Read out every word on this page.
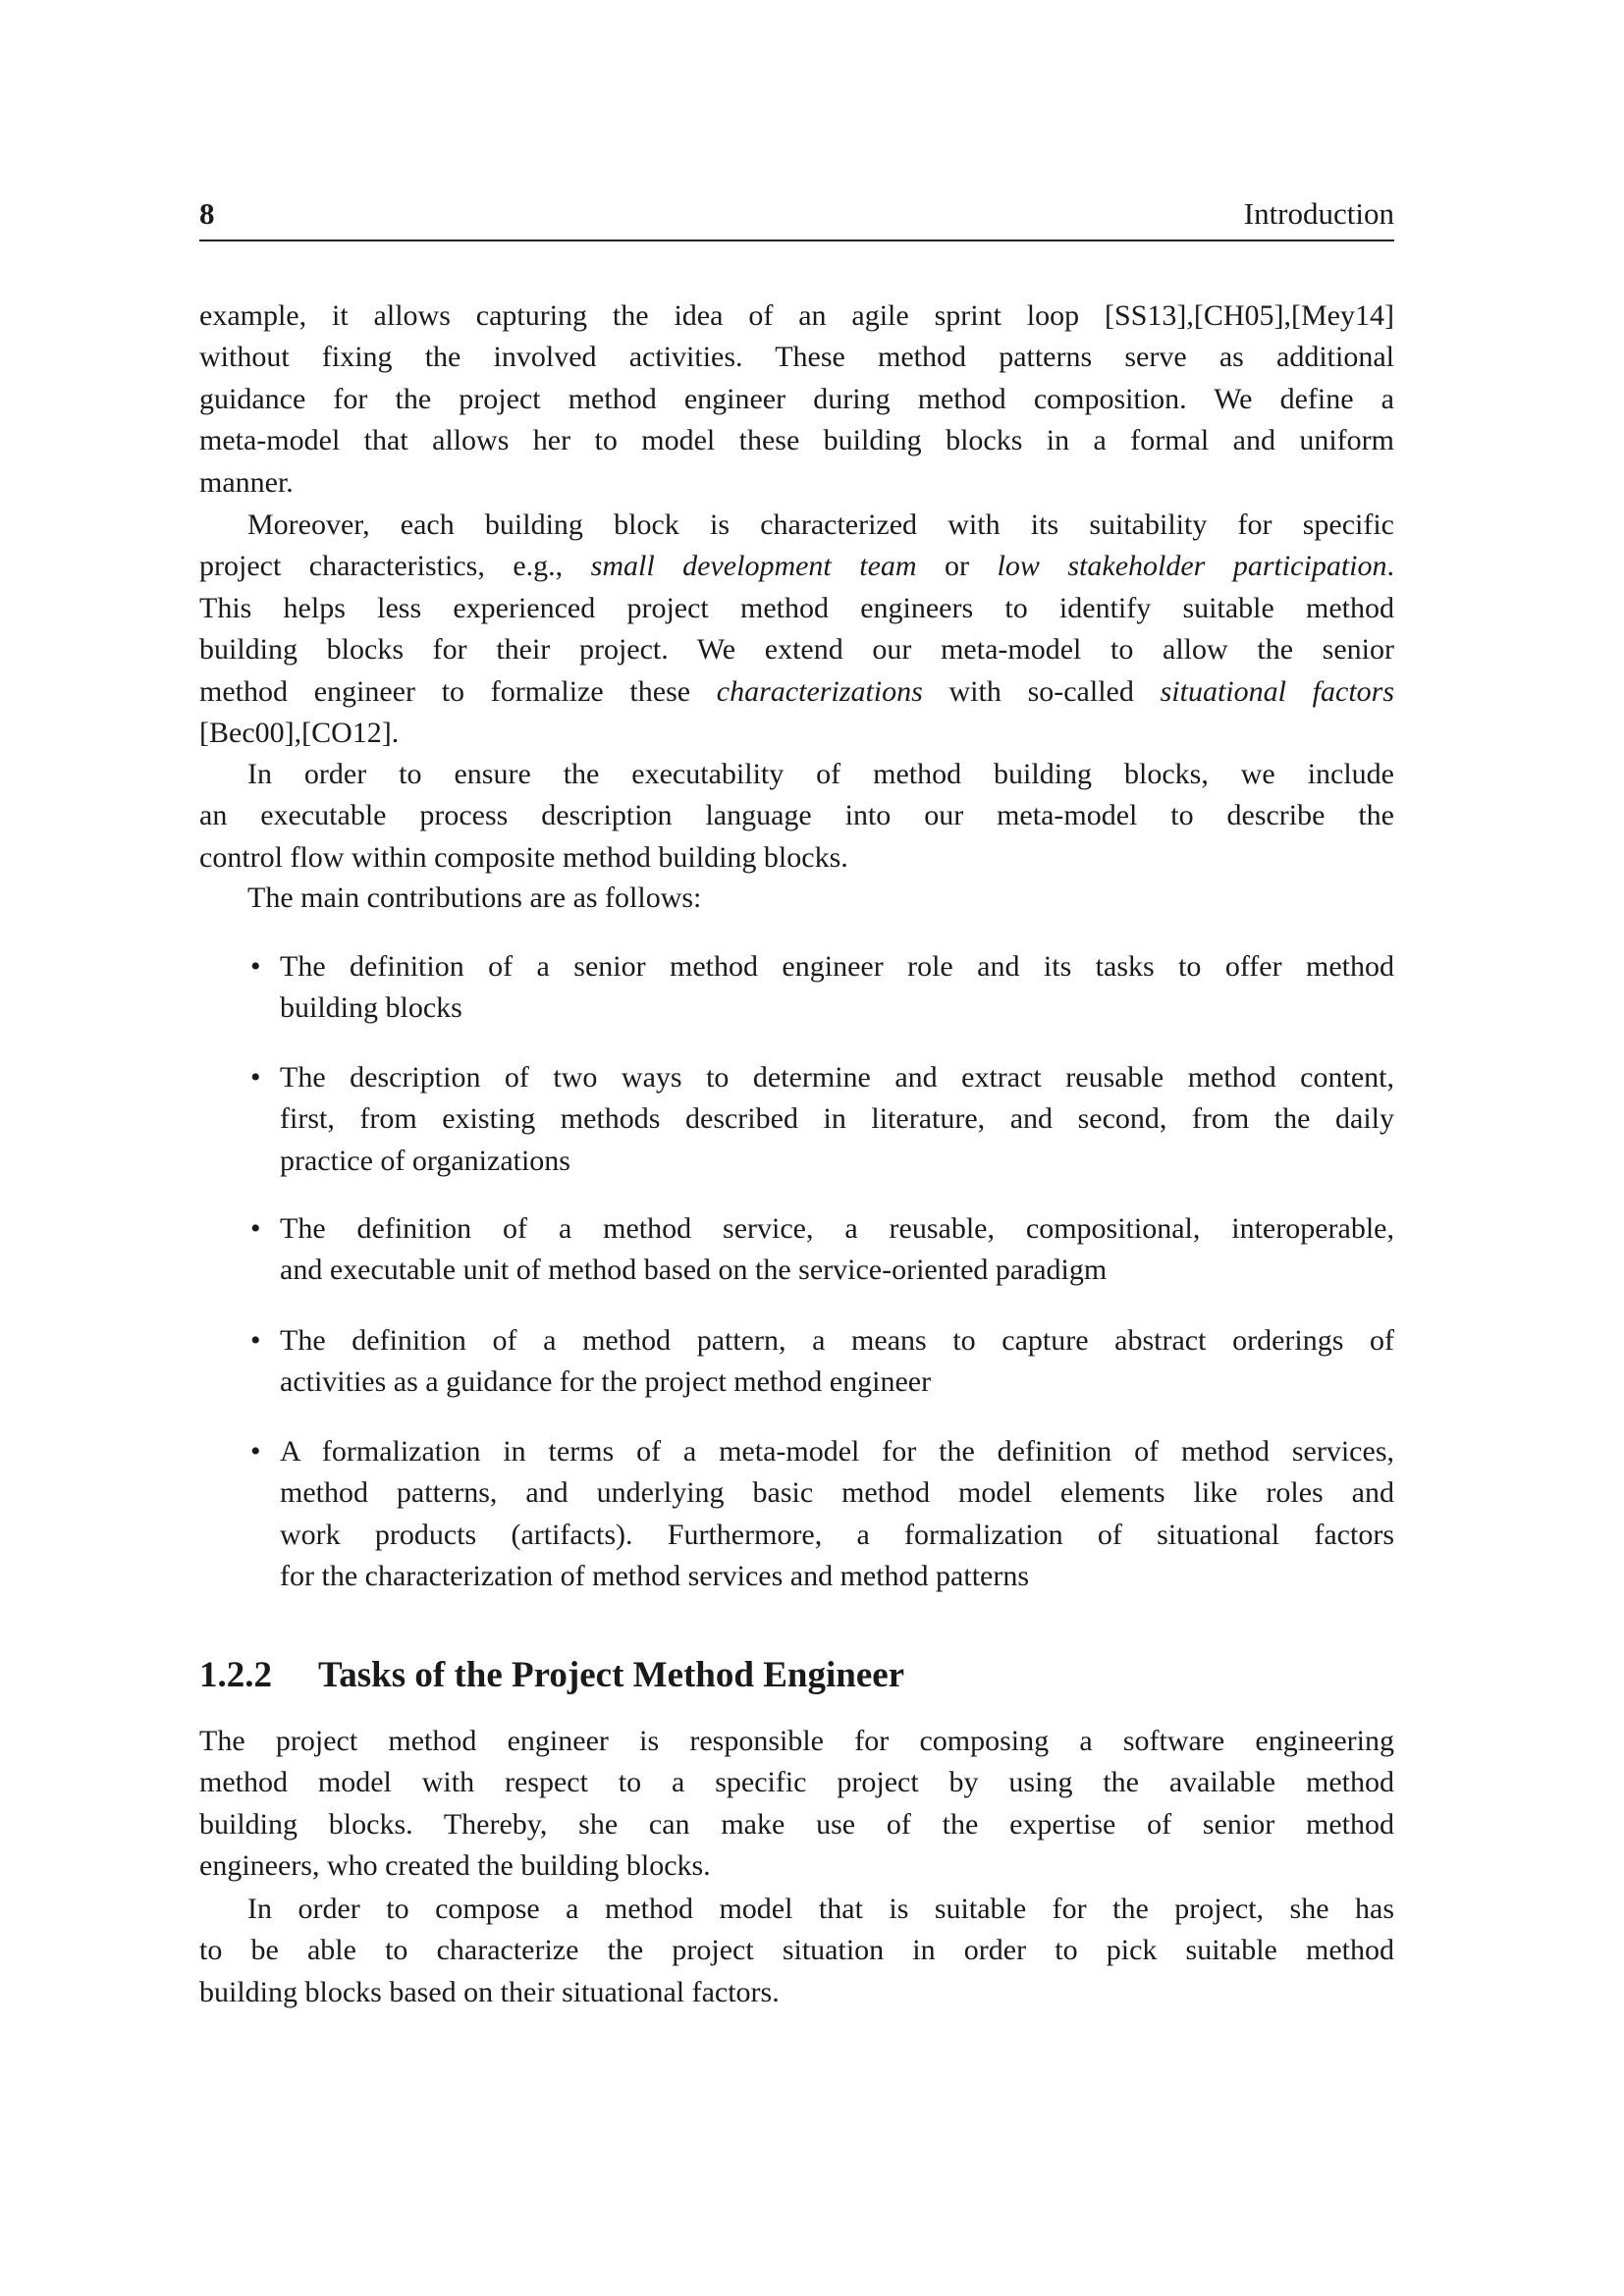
8	Introduction
example, it allows capturing the idea of an agile sprint loop [SS13],[CH05],[Mey14]
without fixing the involved activities. These method patterns serve as additional
guidance for the project method engineer during method composition. We define a
meta-model that allows her to model these building blocks in a formal and uniform
manner.
Moreover, each building block is characterized with its suitability for specific
project characteristics, e.g., small development team or low stakeholder participation.
This helps less experienced project method engineers to identify suitable method
building blocks for their project. We extend our meta-model to allow the senior
method engineer to formalize these characterizations with so-called situational factors
[Bec00],[CO12].
In order to ensure the executability of method building blocks, we include
an executable process description language into our meta-model to describe the
control flow within composite method building blocks.
The main contributions are as follows:
• The definition of a senior method engineer role and its tasks to offer method
building blocks
• The description of two ways to determine and extract reusable method content,
first, from existing methods described in literature, and second, from the daily
practice of organizations
• The definition of a method service, a reusable, compositional, interoperable,
and executable unit of method based on the service-oriented paradigm
• The definition of a method pattern, a means to capture abstract orderings of
activities as a guidance for the project method engineer
• A formalization in terms of a meta-model for the definition of method services,
method patterns, and underlying basic method model elements like roles and
work products (artifacts). Furthermore, a formalization of situational factors
for the characterization of method services and method patterns
The project method engineer is responsible for composing a software engineering
method model with respect to a specific project by using the available method
building blocks. Thereby, she can make use of the expertise of senior method
engineers, who created the building blocks.
In order to compose a method model that is suitable for the project, she has
to be able to characterize the project situation in order to pick suitable method
building blocks based on their situational factors.
1.2.2 Tasks of the Project Method Engineer
